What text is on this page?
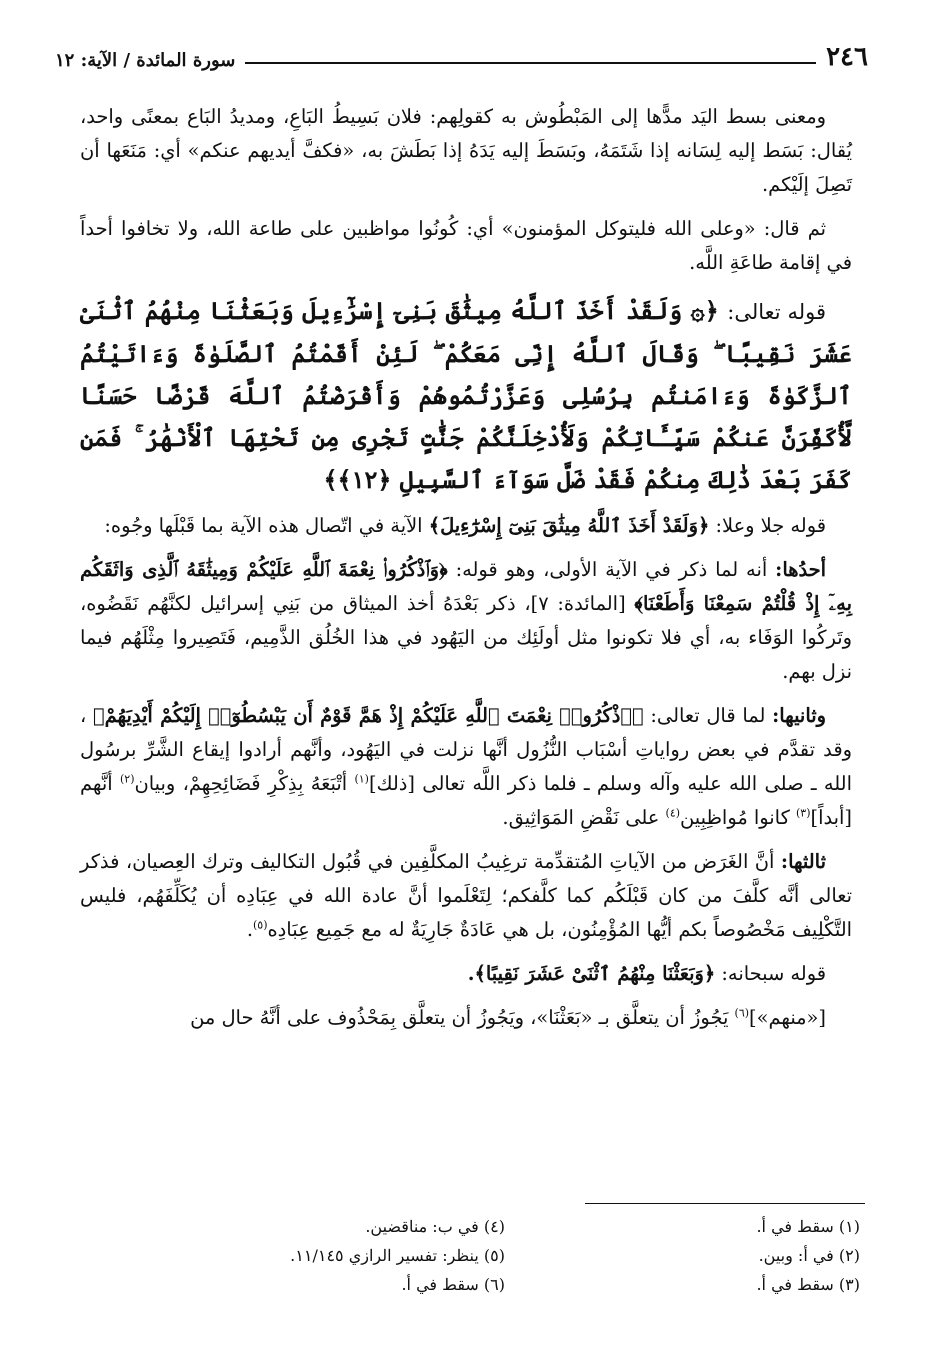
٢٤٦
سورة المائدة / الآية: ١٢

ومعنى بسط اليَد مدًّها إلى المَبْطُوش به كقولِهم: فلان بَسِيطُ البَاعِ، ومديدُ البَاع بمعنًى واحد، يُقال: بَسَط إليه لِسَانه إذا شَتَمَهُ، وبَسَطَ إليه يَدَهُ إذا بَطَشَ به، «فكفَّ أيديهم عنكم» أي: مَنَعَها أن تَصِلَ إلَيْكم.

ثم قال: «وعلى الله فليتوكل المؤمنون» أي: كُونُوا مواظبين على طاعة الله، ولا تخافوا أحداً في إقامة طاعَةِ اللَّه.

قوله تعالى: ﴿۞ وَلَقَدْ أَخَذَ ٱللَّهُ مِيثَٰقَ بَنِىٓ إِسْرَٰٓءِيلَ وَبَعَثْنَا مِنْهُمُ ٱثْنَىْ عَشَرَ نَقِيبًا ۖ وَقَالَ ٱللَّهُ إِنِّى مَعَكُمْ ۖ لَئِنْ أَقَمْتُمُ ٱلصَّلَوٰةَ وَءَاتَيْتُمُ ٱلزَّكَوٰةَ وَءَامَنتُم بِرُسُلِى وَعَزَّرْتُمُوهُمْ وَأَقْرَضْتُمُ ٱللَّهَ قَرْضًا حَسَنًا لَّأُكَفِّرَنَّ عَنكُمْ سَيِّـَٔاتِكُمْ وَلَأُدْخِلَنَّكُمْ جَنَّٰتٍ تَجْرِى مِن تَحْتِهَا ٱلْأَنْهَٰرُ ۚ فَمَن كَفَرَ بَعْدَ ذَٰلِكَ مِنكُمْ فَقَدْ ضَلَّ سَوَآءَ ٱلسَّبِيلِ ﴿١٢﴾﴾

قوله جلا وعلا: ﴿وَلَقَدْ أَخَذَ ٱللَّهُ مِيثَٰقَ بَنِىٓ إِسْرَٰٓءِيلَ﴾ الآية في اتّصال هذه الآية بما قَبْلَها وجُوه:

أحدُها: أنه لما ذكر في الآية الأولى، وهو قوله: ﴿وَٱذْكُرُوا۟ نِعْمَةَ ٱللَّهِ عَلَيْكُمْ وَمِيثَٰقَهُ ٱلَّذِى وَاثَقَكُم بِهِۦٓ إِذْ قُلْتُمْ سَمِعْنَا وَأَطَعْنَا﴾ [المائدة: ٧]، ذكر بَعْدَهُ أخذ الميثاق من بَنِي إسرائيل لكنَّهُم نَقَضُوه، وتَركُوا الوَفَاء به، أي فلا تكونوا مثل أولَئِك من اليَهُود في هذا الخُلُق الذَّمِيم، فَتَصِيروا مِثْلَهُم فيما نزل بهم.

وثانيها: لما قال تعالى: ﴿ٱذْكُرُوا۟ نِعْمَتَ ٱللَّهِ عَلَيْكُمْ إِذْ هَمَّ قَوْمٌ أَن يَبْسُطُوٓا۟ إِلَيْكُمْ أَيْدِيَهُمْ﴾ ، وقد تقدَّم في بعض رواياتِ أسْبَاب النُّزُول أنَّها نزلت في اليَهُود، وأنَّهم أرادوا إيقاع الشَّرِّ برسُول الله ـ صلى الله عليه وآله وسلم ـ فلما ذكر اللَّه تعالى [ذلك]$^{(١)}$ أتْبَعَهُ بِذِكْرِ فَضَائِحِهِمْ، وبيان$^{(٢)}$ أنَّهم [أبداً]$^{(٣)}$ كانوا مُواظِبِين$^{(٤)}$ على نَقْضِ المَوَاثِيق.

ثالثها: أنَّ الغَرَض من الآياتِ المُتقدِّمة ترغِيبُ المكلَّفِين في قُبُول التكاليف وترك العِصيان، فذكر تعالى أنَّه كلَّفَ من كان قَبْلَكُم كما كلَّفكم؛ لِتَعْلَموا أنَّ عادة الله في عِبَادِه أن يُكَلِّفَهُم، فليس التَّكْلِيف مَخْصُوصاً بكم أيُّها المُؤْمِنُون، بل هي عَادَةٌ جَارِيَةٌ له مع جَمِيع عِبَادِه$^{(٥)}$.

قوله سبحانه: ﴿وَبَعَثْنَا مِنْهُمُ ٱثْنَىْ عَشَرَ نَقِيبًا﴾.

[«منهم»]$^{(٦)}$ يَجُوزُ أن يتعلَّق بـ «بَعَثْنَا»، ويَجُوزُ أن يتعلَّق بِمَحْذُوف على أنَّهُ حال من

(١) سقط في أ.
(٤) في ب: مناقضين.
(٢) في أ: وبين.
(٥) ينظر: تفسير الرازي ١١/١٤٥.
(٣) سقط في أ.
(٦) سقط في أ.
